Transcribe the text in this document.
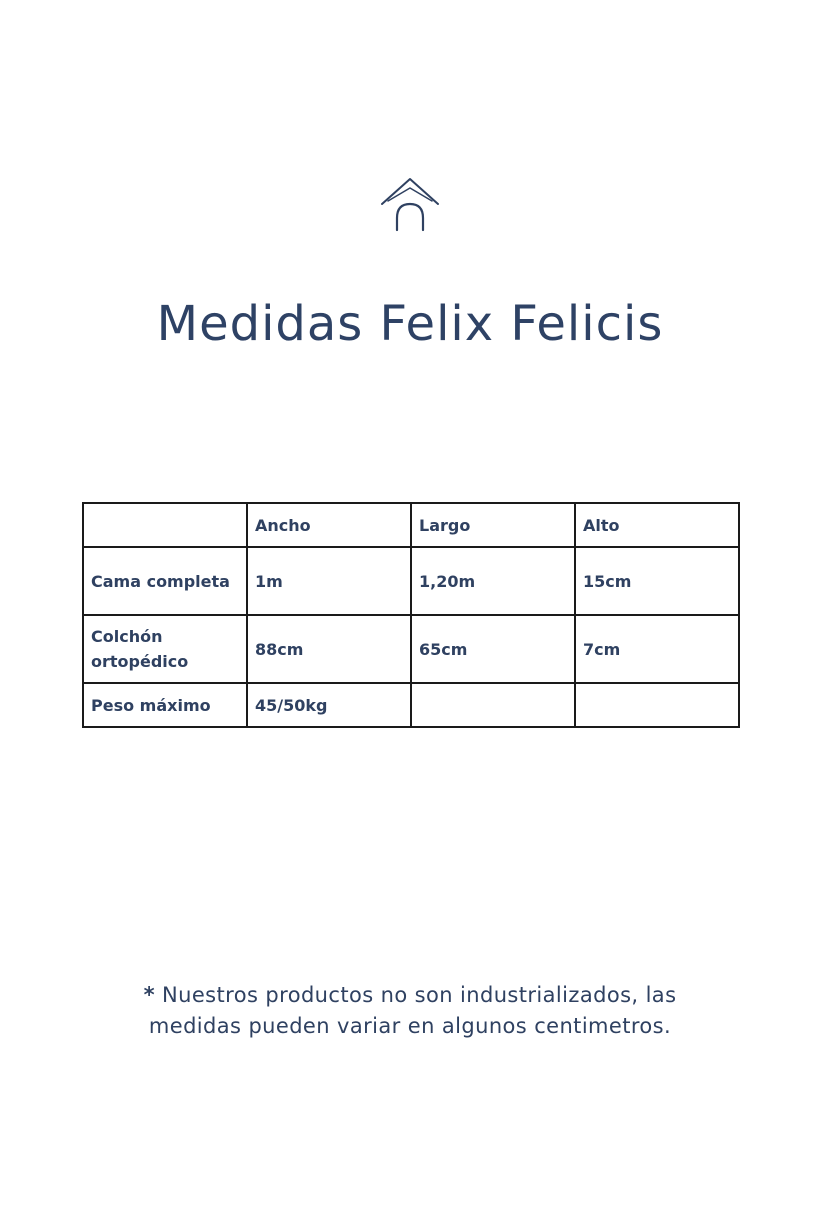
Medidas Felix Felicis
	Ancho	Largo	Alto
Cama completa	1m	1,20m	15cm
Colchón ortopédico	88cm	65cm	7cm
Peso máximo	45/50kg		
* Nuestros productos no son industrializados, las
medidas pueden variar en algunos centimetros.
